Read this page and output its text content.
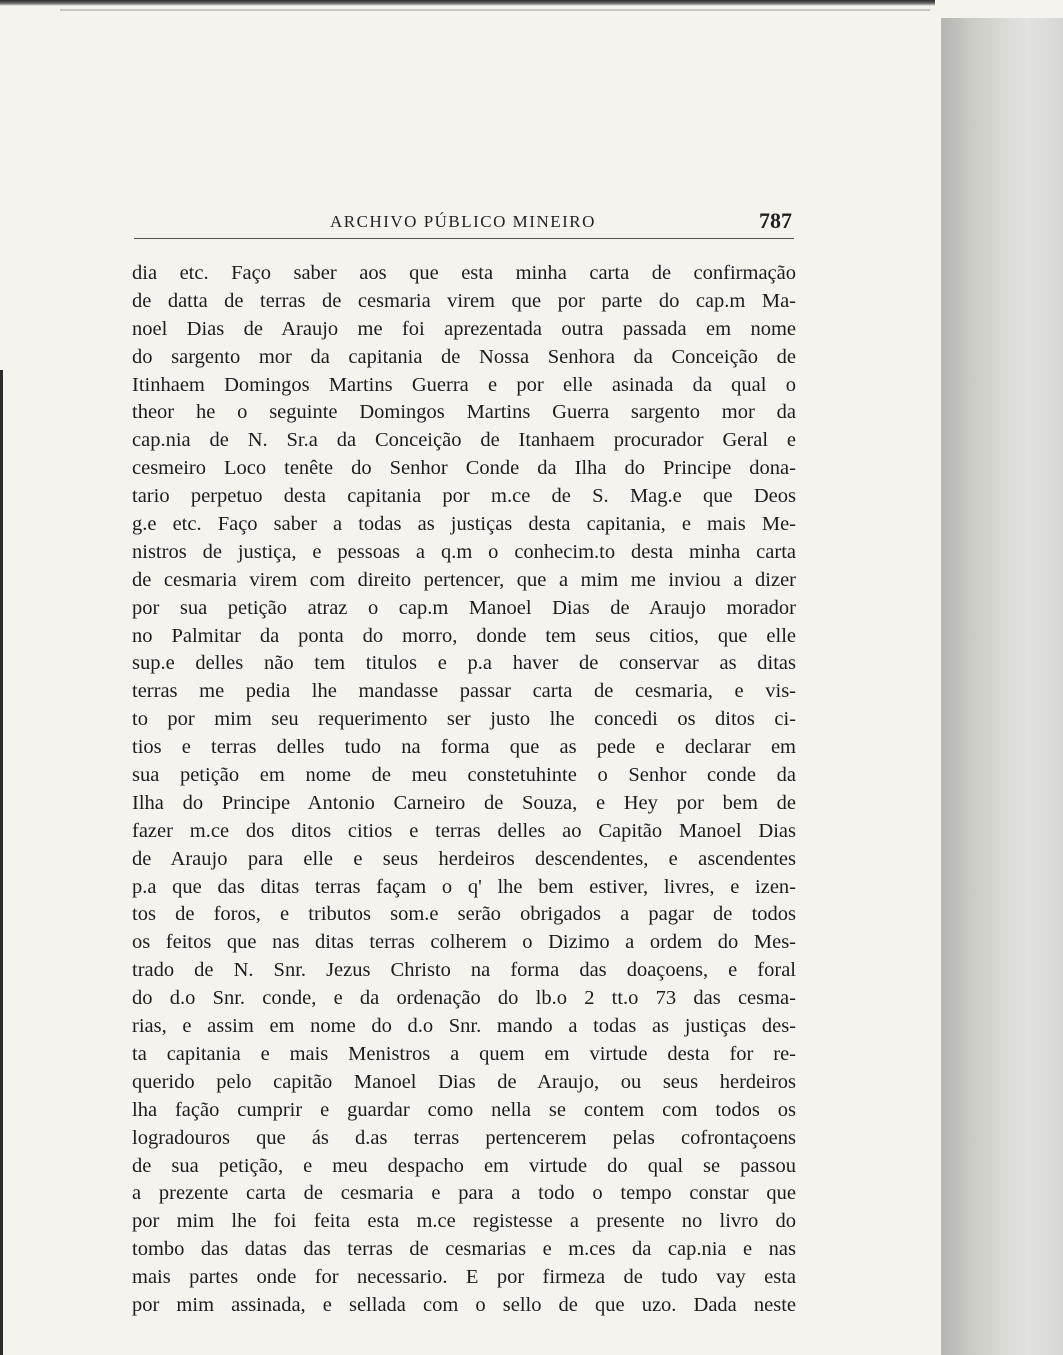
ARCHIVO PÚBLICO MINEIRO	787
dia etc. Faço saber aos que esta minha carta de confirmação
de datta de terras de cesmaria virem que por parte do cap.m Ma-
noel Dias de Araujo me foi aprezentada outra passada em nome
do sargento mor da capitania de Nossa Senhora da Conceição de
Itinhaem Domingos Martins Guerra e por elle asinada da qual o
theor he o seguinte Domingos Martins Guerra sargento mor da
cap.nia de N. Sr.a da Conceição de Itanhaem procurador Geral e
cesmeiro Loco tenête do Senhor Conde da Ilha do Principe dona-
tario perpetuo desta capitania por m.ce de S. Mag.e que Deos
g.e etc. Faço saber a todas as justiças desta capitania, e mais Me-
nistros de justiça, e pessoas a q.m o conhecim.to desta minha carta
de cesmaria virem com direito pertencer, que a mim me inviou a dizer
por sua petição atraz o cap.m Manoel Dias de Araujo morador
no Palmitar da ponta do morro, donde tem seus citios, que elle
sup.e delles não tem titulos e p.a haver de conservar as ditas
terras me pedia lhe mandasse passar carta de cesmaria, e vis-
to por mim seu requerimento ser justo lhe concedi os ditos ci-
tios e terras delles tudo na forma que as pede e declarar em
sua petição em nome de meu constetuhinte o Senhor conde da
Ilha do Principe Antonio Carneiro de Souza, e Hey por bem de
fazer m.ce dos ditos citios e terras delles ao Capitão Manoel Dias
de Araujo para elle e seus herdeiros descendentes, e ascendentes
p.a que das ditas terras façam o q' lhe bem estiver, livres, e izen-
tos de foros, e tributos som.e serão obrigados a pagar de todos
os feitos que nas ditas terras colherem o Dizimo a ordem do Mes-
trado de N. Snr. Jezus Christo na forma das doaçoens, e foral
do d.o Snr. conde, e da ordenação do lb.o 2 tt.o 73 das cesma-
rias, e assim em nome do d.o Snr. mando a todas as justiças des-
ta capitania e mais Menistros a quem em virtude desta for re-
querido pelo capitão Manoel Dias de Araujo, ou seus herdeiros
lha fação cumprir e guardar como nella se contem com todos os
logradouros que ás d.as terras pertencerem pelas cofrontaçoens
de sua petição, e meu despacho em virtude do qual se passou
a prezente carta de cesmaria e para a todo o tempo constar que
por mim lhe foi feita esta m.ce registesse a presente no livro do
tombo das datas das terras de cesmarias e m.ces da cap.nia e nas
mais partes onde for necessario. E por firmeza de tudo vay esta
por mim assinada, e sellada com o sello de que uzo. Dada neste
